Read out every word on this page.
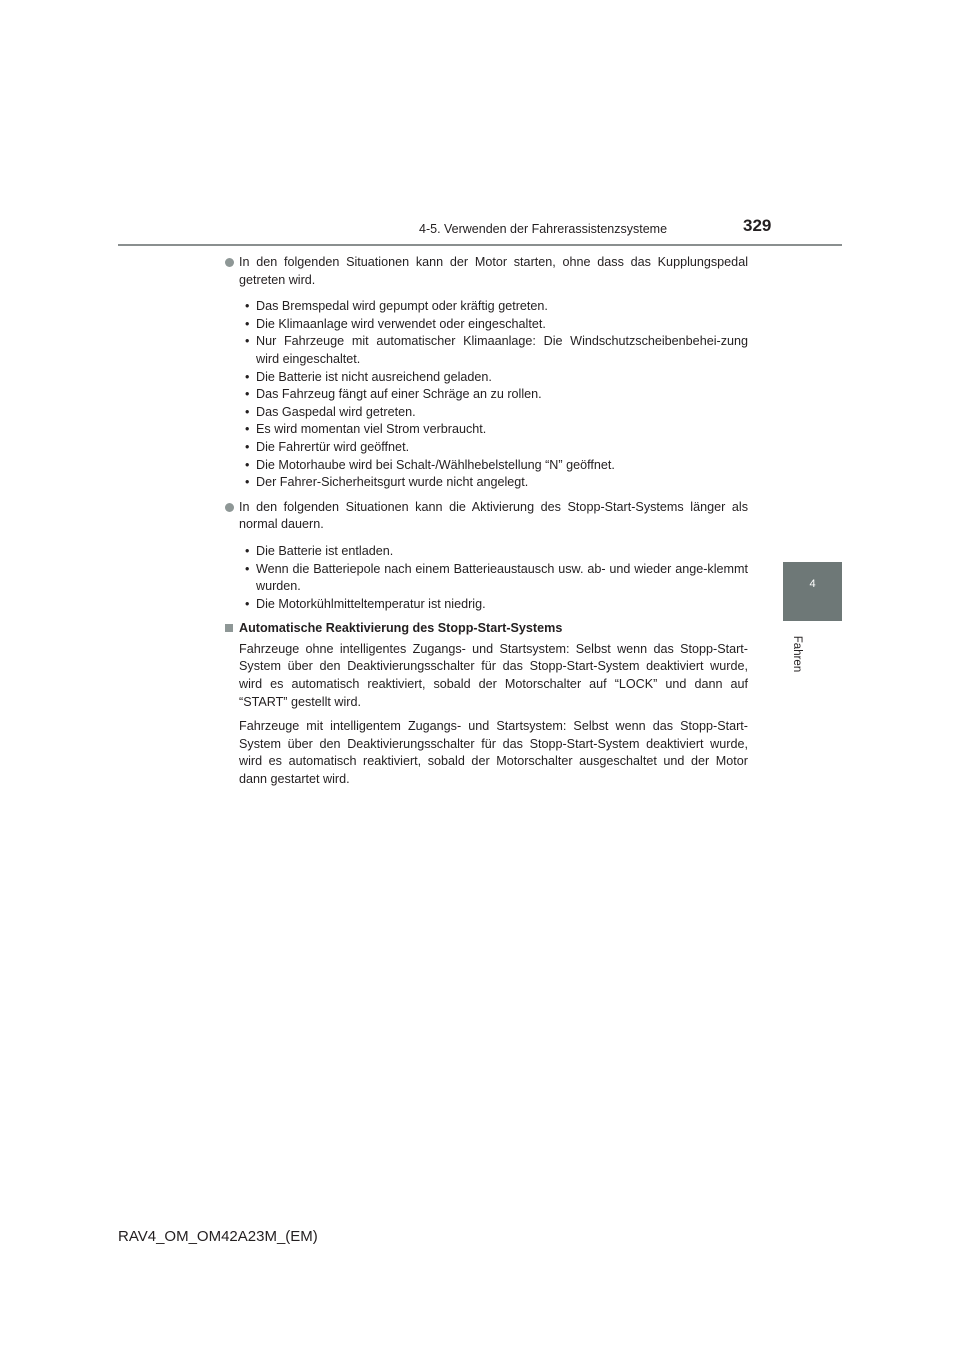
4-5. Verwenden der Fahrerassistenzsysteme	329
4
Fahren
In den folgenden Situationen kann der Motor starten, ohne dass das Kupplungspedal getreten wird.
• Das Bremspedal wird gepumpt oder kräftig getreten.
• Die Klimaanlage wird verwendet oder eingeschaltet.
• Nur Fahrzeuge mit automatischer Klimaanlage: Die Windschutzscheibenbehei-zung wird eingeschaltet.
• Die Batterie ist nicht ausreichend geladen.
• Das Fahrzeug fängt auf einer Schräge an zu rollen.
• Das Gaspedal wird getreten.
• Es wird momentan viel Strom verbraucht.
• Die Fahrertür wird geöffnet.
• Die Motorhaube wird bei Schalt-/Wählhebelstellung “N” geöffnet.
• Der Fahrer-Sicherheitsgurt wurde nicht angelegt.
In den folgenden Situationen kann die Aktivierung des Stopp-Start-Systems länger als normal dauern.
• Die Batterie ist entladen.
• Wenn die Batteriepole nach einem Batterieaustausch usw. ab- und wieder ange-klemmt wurden.
• Die Motorkühlmitteltemperatur ist niedrig.
Automatische Reaktivierung des Stopp-Start-Systems
Fahrzeuge ohne intelligentes Zugangs- und Startsystem: Selbst wenn das Stopp-Start-System über den Deaktivierungsschalter für das Stopp-Start-System deaktiviert wurde, wird es automatisch reaktiviert, sobald der Motorschalter auf “LOCK” und dann auf “START” gestellt wird.
Fahrzeuge mit intelligentem Zugangs- und Startsystem: Selbst wenn das Stopp-Start-System über den Deaktivierungsschalter für das Stopp-Start-System deaktiviert wurde, wird es automatisch reaktiviert, sobald der Motorschalter ausgeschaltet und der Motor dann gestartet wird.
RAV4_OM_OM42A23M_(EM)
